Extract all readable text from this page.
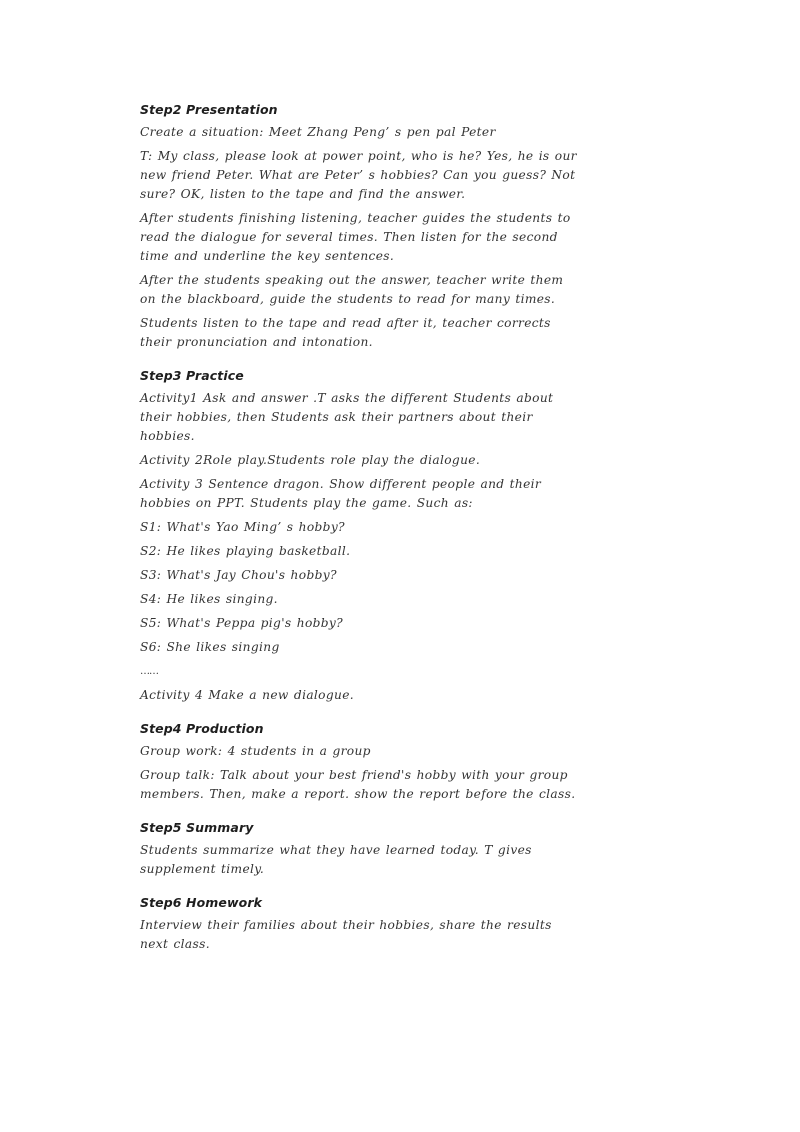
Step2 Presentation
Create a situation: Meet Zhang Peng’ s pen pal Peter
T: My class, please look at power point, who is he? Yes, he is our new friend Peter. What are Peter’ s hobbies? Can you guess? Not sure? OK, listen to the tape and find the answer.
After students finishing listening, teacher guides the students to read the dialogue for several times. Then listen for the second time and underline the key sentences.
After the students speaking out the answer, teacher write them on the blackboard, guide the students to read for many times.
Students listen to the tape and read after it, teacher corrects their pronunciation and intonation.
Step3 Practice
Activity1 Ask and answer .T asks the different Students about their hobbies, then Students ask their partners about their hobbies.
Activity 2Role play.Students role play the dialogue.
Activity 3 Sentence dragon. Show different people and their hobbies on PPT. Students play the game. Such as:
S1: What's Yao Ming’ s hobby?
S2: He likes playing basketball.
S3: What's Jay Chou's hobby?
S4: He likes singing.
S5: What's Peppa pig's hobby?
S6: She likes singing
……
Activity 4 Make a new dialogue.
Step4 Production
Group work: 4 students in a group
Group talk: Talk about your best friend's hobby with your group members. Then, make a report. show the report before the class.
Step5 Summary
Students summarize what they have learned today. T gives supplement timely.
Step6 Homework
Interview their families about their hobbies, share the results next class.
